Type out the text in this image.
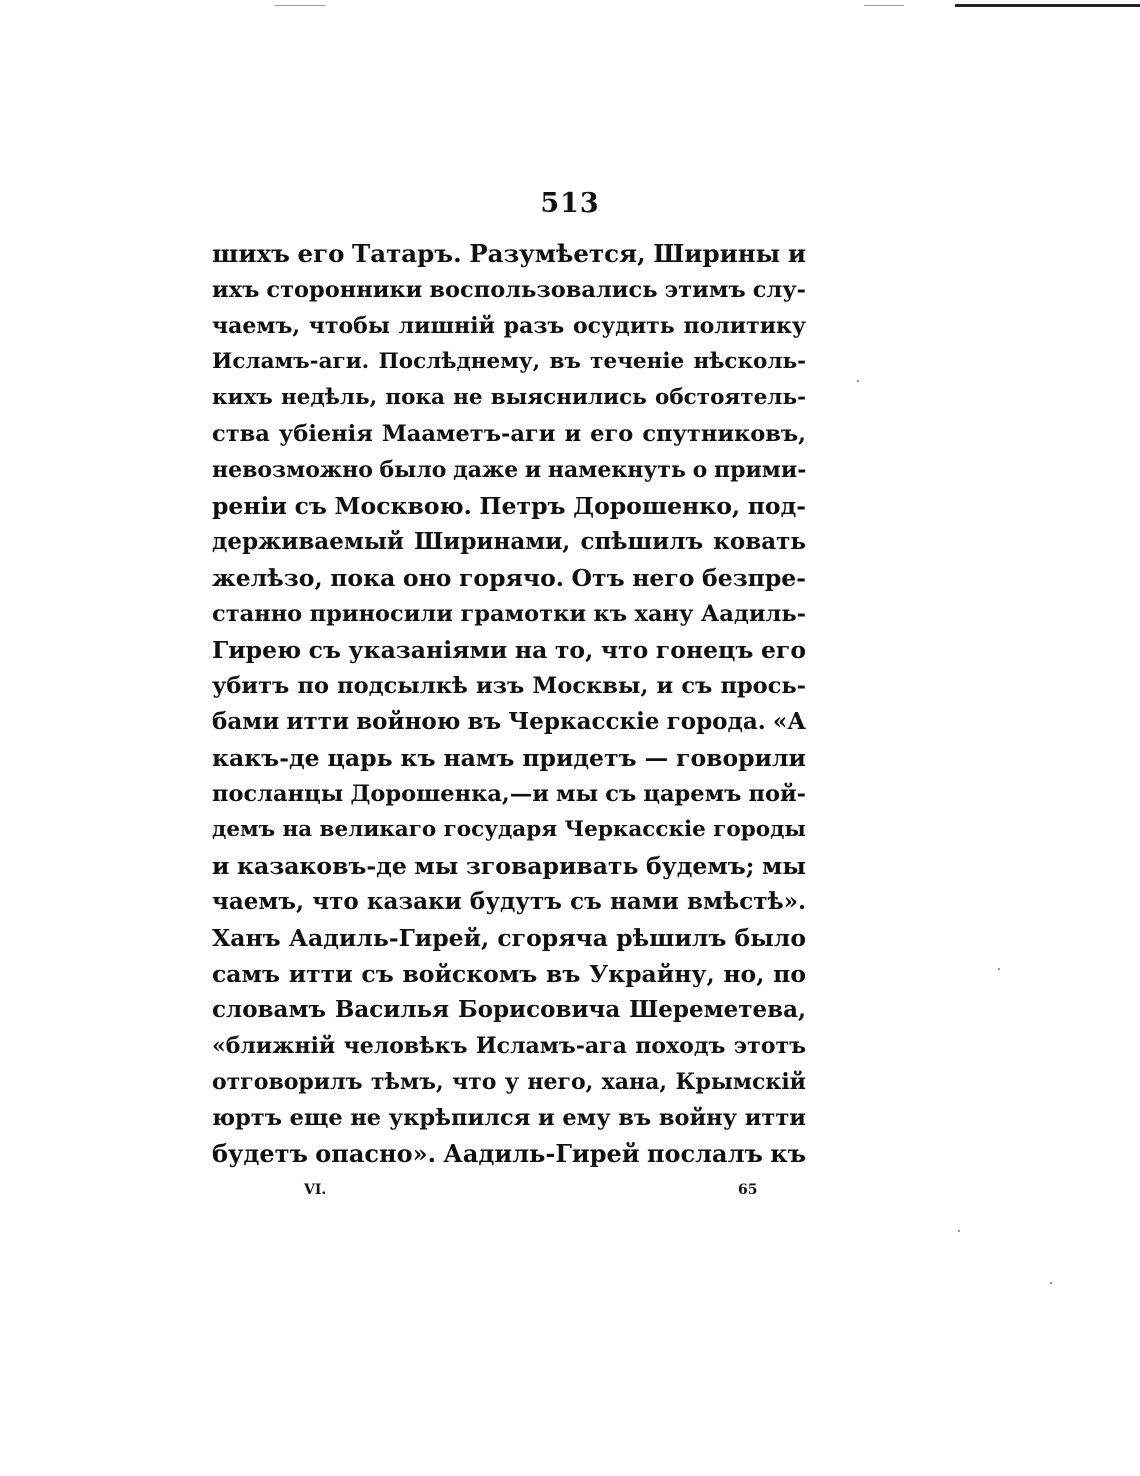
513
шихъ его Татаръ. Разумѣется, Ширины и
ихъ сторонники воспользовались этимъ слу-
чаемъ, чтобы лишній разъ осудить политику
Исламъ-аги. Послѣднему, въ теченіе нѣсколь-
кихъ недѣль, пока не выяснились обстоятель-
ства убіенія Мааметъ-аги и его спутниковъ,
невозможно было даже и намекнуть о прими-
реніи съ Москвою. Петръ Дорошенко, под-
держиваемый Ширинами, спѣшилъ ковать
желѣзо, пока оно горячо. Отъ него безпре-
станно приносили грамотки къ хану Аадиль-
Гирею съ указаніями на то, что гонецъ его
убитъ по подсылкѣ изъ Москвы, и съ прось-
бами итти войною въ Черкасскіе города. «А
какъ-де царь къ намъ придетъ — говорили
посланцы Дорошенка,—и мы съ царемъ пой-
демъ на великаго государя Черкасскіе городы
и казаковъ-де мы зговаривать будемъ; мы
чаемъ, что казаки будутъ съ нами вмѣстѣ».
Ханъ Аадиль-Гирей, сгоряча рѣшилъ было
самъ итти съ войскомъ въ Украйну, но, по
словамъ Василья Борисовича Шереметева,
«ближній человѣкъ Исламъ-ага походъ этотъ
отговорилъ тѣмъ, что у него, хана, Крымскій
юртъ еще не укрѣпился и ему въ войну итти
будетъ опасно». Аадиль-Гирей послалъ къ
VI.	65
